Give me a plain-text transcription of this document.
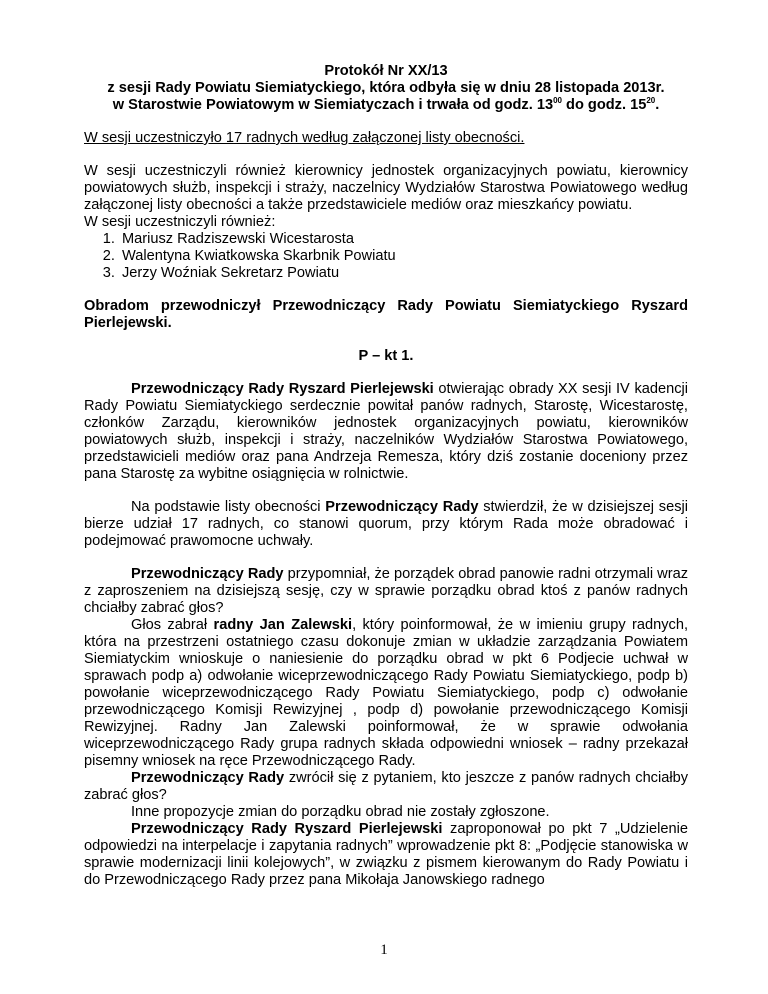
Protokół Nr XX/13

z sesji Rady Powiatu Siemiatyckiego, która odbyła się w dniu 28 listopada 2013r.
w Starostwie Powiatowym w Siemiatyczach i trwała od godz. $13^{00}$ do godz. $15^{20}$.

W sesji uczestniczyło 17 radnych według załączonej listy obecności.

W sesji uczestniczyli również kierownicy jednostek organizacyjnych powiatu, kierownicy powiatowych służb, inspekcji i straży, naczelnicy Wydziałów Starostwa Powiatowego według załączonej listy obecności a także przedstawiciele mediów oraz mieszkańcy powiatu.

W sesji uczestniczyli również:

1. Mariusz Radziszewski Wicestarosta
2. Walentyna Kwiatkowska Skarbnik Powiatu
3. Jerzy Woźniak Sekretarz Powiatu

Obradom przewodniczył Przewodniczący Rady Powiatu Siemiatyckiego Ryszard Pierlejewski.

P – kt 1.

Przewodniczący Rady Ryszard Pierlejewski otwierając obrady XX sesji IV kadencji Rady Powiatu Siemiatyckiego serdecznie powitał panów radnych, Starostę, Wicestarostę, członków Zarządu, kierowników jednostek organizacyjnych powiatu, kierowników powiatowych służb, inspekcji i straży, naczelników Wydziałów Starostwa Powiatowego, przedstawicieli mediów oraz pana Andrzeja Remesza, który dziś zostanie doceniony przez pana Starostę za wybitne osiągnięcia w rolnictwie.

Na podstawie listy obecności Przewodniczący Rady stwierdził, że w dzisiejszej sesji bierze udział 17 radnych, co stanowi quorum, przy którym Rada może obradować i podejmować prawomocne uchwały.

Przewodniczący Rady przypomniał, że porządek obrad panowie radni otrzymali wraz z zaproszeniem na dzisiejszą sesję, czy w sprawie porządku obrad ktoś z panów radnych chciałby zabrać głos?

Głos zabrał radny Jan Zalewski, który poinformował, że w imieniu grupy radnych, która na przestrzeni ostatniego czasu dokonuje zmian w układzie zarządzania Powiatem Siemiatyckim wnioskuje o naniesienie do porządku obrad w pkt 6 Podjecie uchwał w sprawach podp a) odwołanie wiceprzewodniczącego Rady Powiatu Siemiatyckiego, podp b) powołanie wiceprzewodniczącego Rady Powiatu Siemiatyckiego, podp c) odwołanie przewodniczącego Komisji Rewizyjnej , podp d) powołanie przewodniczącego Komisji Rewizyjnej. Radny Jan Zalewski poinformował, że w sprawie odwołania wiceprzewodniczącego Rady grupa radnych składa odpowiedni wniosek – radny przekazał pisemny wniosek na ręce Przewodniczącego Rady.

Przewodniczący Rady zwrócił się z pytaniem, kto jeszcze z panów radnych chciałby zabrać głos?

Inne propozycje zmian do porządku obrad nie zostały zgłoszone.

Przewodniczący Rady Ryszard Pierlejewski zaproponował po pkt 7 „Udzielenie odpowiedzi na interpelacje i zapytania radnych” wprowadzenie pkt 8: „Podjęcie stanowiska w sprawie modernizacji linii kolejowych”, w związku z pismem kierowanym do Rady Powiatu i do Przewodniczącego Rady przez pana Mikołaja Janowskiego radnego

1
